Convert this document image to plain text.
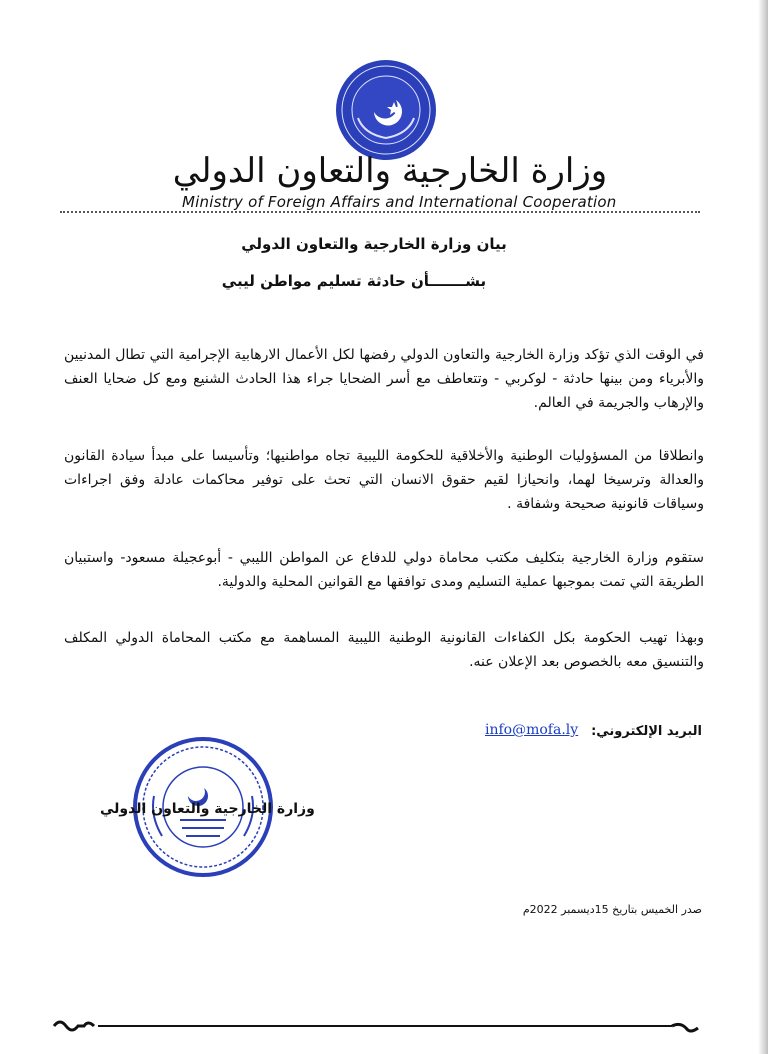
وزارة الخارجية والتعاون الدولي
Ministry of Foreign Affairs and International Cooperation
بيان وزارة الخارجية والتعاون الدولي
بشـــــــأن حادثة تسليم مواطن ليبي
في الوقت الذي تؤكد وزارة الخارجية والتعاون الدولي رفضها لكل الأعمال الارهابية الإجرامية التي تطال المدنيين والأبرياء ومن بينها حادثة - لوكربي - وتتعاطف مع أسر الضحايا جراء هذا الحادث الشنيع ومع كل ضحايا العنف والإرهاب والجريمة في العالم.
وانطلاقا من المسؤوليات الوطنية والأخلاقية للحكومة الليبية تجاه مواطنيها؛ وتأسيسا على مبدأ سيادة القانون والعدالة وترسيخا لهما، وانحيازا لقيم حقوق الانسان التي تحث على توفير محاكمات عادلة وفق اجراءات وسياقات قانونية صحيحة وشفافة .
ستقوم وزارة الخارجية بتكليف مكتب محاماة دولي للدفاع عن المواطن الليبي - أبوعجيلة مسعود- واستبيان الطريقة التي تمت بموجبها عملية التسليم ومدى توافقها مع القوانين المحلية والدولية.
وبهذا تهيب الحكومة بكل الكفاءات القانونية الوطنية الليبية المساهمة مع مكتب المحاماة الدولي المكلف والتنسيق معه بالخصوص بعد الإعلان عنه.
البريد الإلكتروني:
info@mofa.ly
وزارة الخارجية والتعاون الدولي
صدر الخميس بتاريخ 15ديسمبر 2022م
